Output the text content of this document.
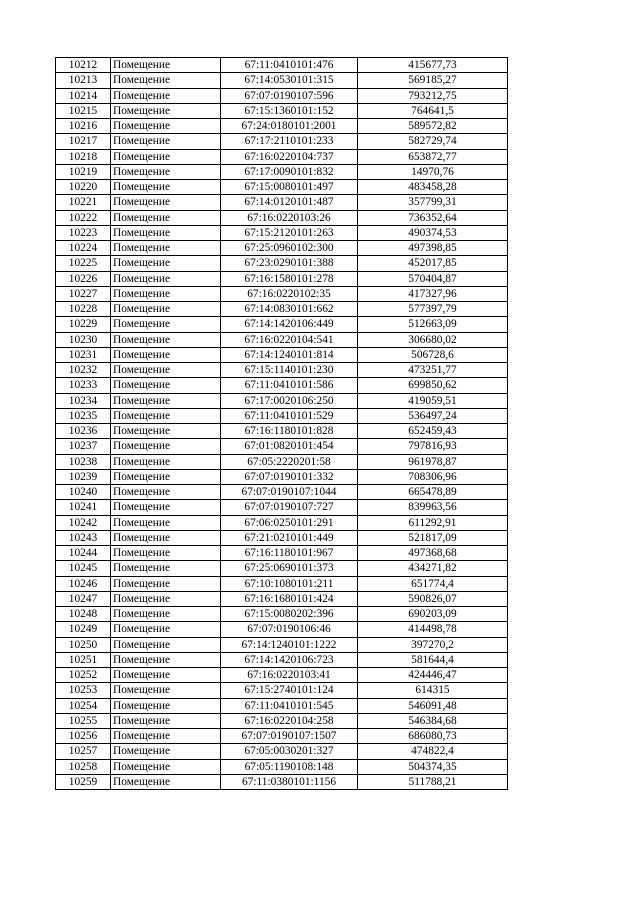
10212	Помещение	67:11:0410101:476	415677,73
10213	Помещение	67:14:0530101:315	569185,27
10214	Помещение	67:07:0190107:596	793212,75
10215	Помещение	67:15:1360101:152	764641,5
10216	Помещение	67:24:0180101:2001	589572,82
10217	Помещение	67:17:2110101:233	582729,74
10218	Помещение	67:16:0220104:737	653872,77
10219	Помещение	67:17:0090101:832	14970,76
10220	Помещение	67:15:0080101:497	483458,28
10221	Помещение	67:14:0120101:487	357799,31
10222	Помещение	67:16:0220103:26	736352,64
10223	Помещение	67:15:2120101:263	490374,53
10224	Помещение	67:25:0960102:300	497398,85
10225	Помещение	67:23:0290101:388	452017,85
10226	Помещение	67:16:1580101:278	570404,87
10227	Помещение	67:16:0220102:35	417327,96
10228	Помещение	67:14:0830101:662	577397,79
10229	Помещение	67:14:1420106:449	512663,09
10230	Помещение	67:16:0220104:541	306680,02
10231	Помещение	67:14:1240101:814	506728,6
10232	Помещение	67:15:1140101:230	473251,77
10233	Помещение	67:11:0410101:586	699850,62
10234	Помещение	67:17:0020106:250	419059,51
10235	Помещение	67:11:0410101:529	536497,24
10236	Помещение	67:16:1180101:828	652459,43
10237	Помещение	67:01:0820101:454	797816,93
10238	Помещение	67:05:2220201:58	961978,87
10239	Помещение	67:07:0190101:332	708306,96
10240	Помещение	67:07:0190107:1044	665478,89
10241	Помещение	67:07:0190107:727	839963,56
10242	Помещение	67:06:0250101:291	611292,91
10243	Помещение	67:21:0210101:449	521817,09
10244	Помещение	67:16:1180101:967	497368,68
10245	Помещение	67:25:0690101:373	434271,82
10246	Помещение	67:10:1080101:211	651774,4
10247	Помещение	67:16:1680101:424	590826,07
10248	Помещение	67:15:0080202:396	690203,09
10249	Помещение	67:07:0190106:46	414498,78
10250	Помещение	67:14:1240101:1222	397270,2
10251	Помещение	67:14:1420106:723	581644,4
10252	Помещение	67:16:0220103:41	424446,47
10253	Помещение	67:15:2740101:124	614315
10254	Помещение	67:11:0410101:545	546091,48
10255	Помещение	67:16:0220104:258	546384,68
10256	Помещение	67:07:0190107:1507	686080,73
10257	Помещение	67:05:0030201:327	474822,4
10258	Помещение	67:05:1190108:148	504374,35
10259	Помещение	67:11:0380101:1156	511788,21
